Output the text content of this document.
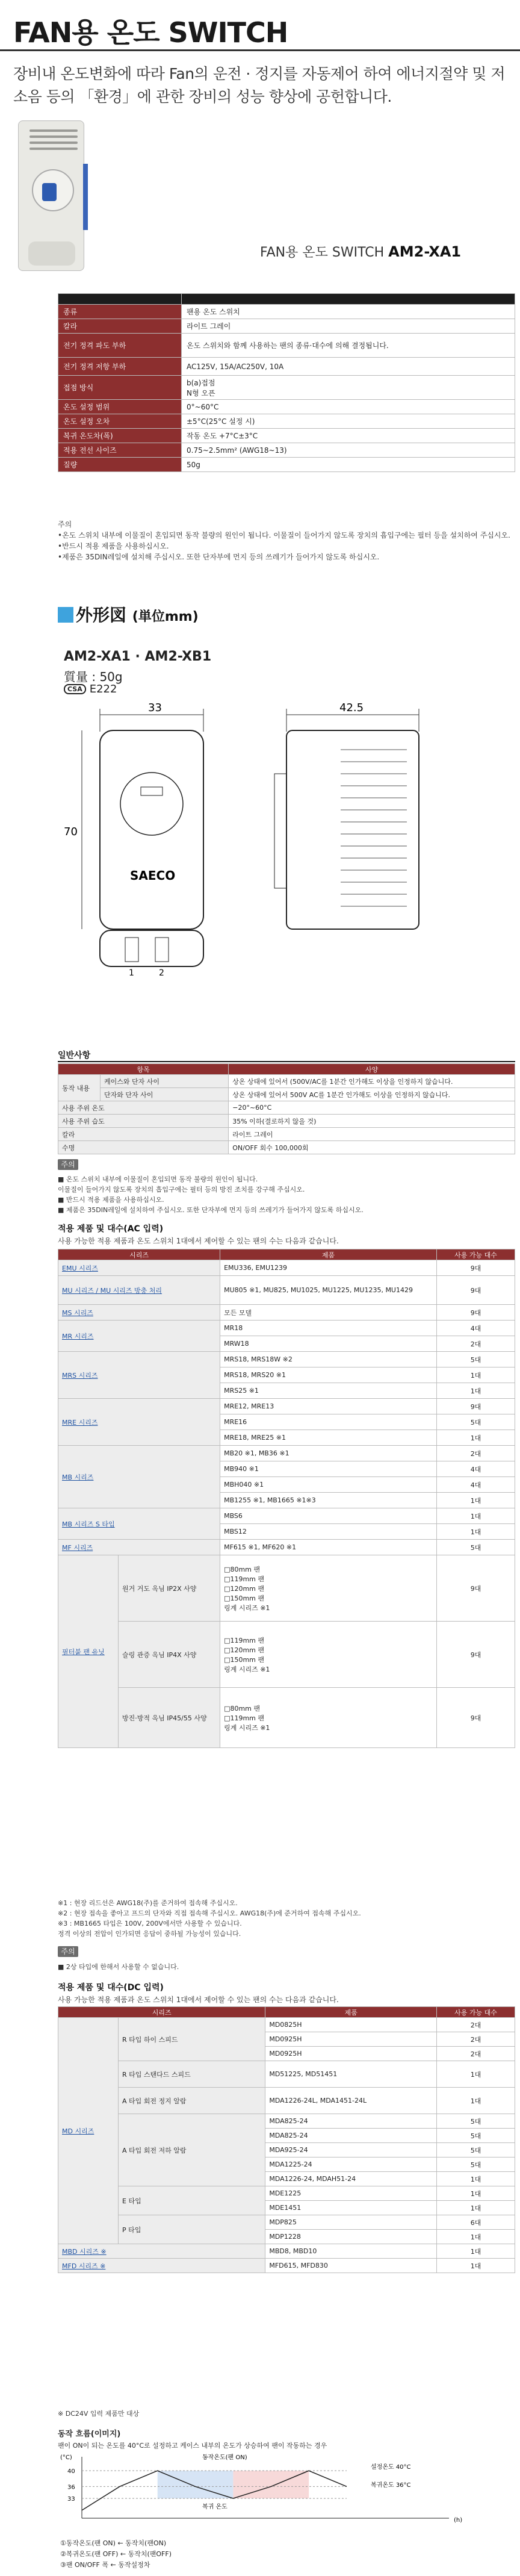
FAN용 온도 SWITCH
장비내 온도변화에 따라 Fan의 운전 · 정지를 자동제어 하여 에너지절약 및 저소음 등의 「환경」에 관한 장비의 성능 향상에 공헌합니다.
FAN용 온도 SWITCH AM2-XA1

종류	팬용 온도 스위치
칼라	라이트 그레이
전기 정격 파도 부하	온도 스위치와 함께 사용하는 팬의 종류·대수에 의해 결정됩니다.
전기 정격 저항 부하	AC125V, 15A/AC250V, 10A
접점 방식	b(a)접점
N형 오픈

온도 설정 범위	0°~60°C
온도 설정 오차	±5°C(25°C 설정 시)
복귀 온도차(폭)	작동 온도 +7°C±3°C
적용 전선 사이즈	0.75~2.5mm² (AWG18~13)
질량	50g
주의
•온도 스위치 내부에 이물질이 혼입되면 동작 불량의 원인이 됩니다. 이물질이 들어가지 않도록 장치의 흡입구에는 필터 등을 설치하여 주십시오.
•반드시 적용 제품을 사용하십시오.
•제품은 35DIN레일에 설치해 주십시오. 또한 단자부에 먼지 등의 쓰레기가 들어가지 않도록 하십시오.
外形図 (単位mm)
AM2-XA1 · AM2-XB1
質量 : 50g
CSA E222
33
SAECO
70
42.5
1	2
일반사항
항목		사양
동작 내용	케이스와 단자 사이	상온 상태에 있어서 (500V/AC를 1분간 인가해도 이상을 인정하지 않습니다.
	단자와 단자 사이	상온 상태에 있어서 500V AC를 1분간 인가해도 이상을 인정하지 않습니다.
사용 주위 온도		−20°~60°C
사용 주위 습도		35% 이하(결로하지 않을 것)
칼라		라이트 그레이
수명		ON/OFF 회수 100,000회
주의
■ 온도 스위치 내부에 이물질이 혼입되면 동작 불량의 원인이 됩니다.
이물질이 들어가지 않도록 장치의 흡입구에는 필터 등의 방진 조치를 강구해 주십시오.
■ 반드시 적용 제품을 사용하십시오.
■ 제품은 35DIN레일에 설치하여 주십시오. 또한 단자부에 먼지 등의 쓰레기가 들어가지 않도록 하십시오.
적용 제품 및 대수(AC 입력)
사용 가능한 적용 제품과 온도 스위치 1대에서 제어할 수 있는 팬의 수는 다음과 같습니다.
시리즈		제품	사용 가능 대수
EMU 시리즈		EMU336, EMU1239	9대
MU 시리즈 / MU 시리즈 방충 처리		MU805 ※1, MU825, MU1025, MU1225, MU1235, MU1429	9대
MS 시리즈		모든 모델	9대
MR 시리즈		MR18	4대
		MRW18	2대
MRS 시리즈		MRS18, MRS18W ※2	5대
		MRS18, MRS20 ※1	1대
		MRS25 ※1	1대
MRE 시리즈		MRE12, MRE13	9대
		MRE16	5대
		MRE18, MRE25 ※1	1대
MB 시리즈		MB20 ※1, MB36 ※1	2대
		MB940 ※1	4대
		MBH040 ※1	4대
		MB1255 ※1, MB1665 ※1※3	1대
MB 시리즈 S 타입		MBS6	1대
		MBS12	1대
MF 시리즈		MF615 ※1, MF620 ※1	5대
필터붙 팬 유닛	원거 거도 옥님 IP2X 사양	□80mm 팬
□119mm 팬
□120mm 팬
□150mm 팬
링계 시리즈 ※1	9대
	슬링 관증 옥님 IP4X 사양	□119mm 팬
□120mm 팬
□150mm 팬
링계 시리즈 ※1	9대
	방진·방적 옥님 IP45/55 사양	□80mm 팬
□119mm 팬
링계 시리즈 ※1	9대
※1 : 현장 리드선은 AWG18(주)를 준거하여 접속해 주십시오.
※2 : 현장 접속을 좋아고 프드의 단자와 직접 접속해 주십시오. AWG18(주)에 준거하여 접속해 주십시오.
※3 : MB1665 타입은 100V, 200V에서만 사용할 수 있습니다.
정격 이상의 전압이 인가되면 응답이 중하될 가능성이 있습니다.
주의
■ 2상 타입에 한해서 사용할 수 없습니다.
적용 제품 및 대수(DC 입력)
사용 가능한 적용 제품과 온도 스위치 1대에서 제어할 수 있는 팬의 수는 다음과 같습니다.
시리즈		제품	사용 가능 대수
MD 시리즈	R 타입 하이 스피드	MD0825H	2대
		MD0925H	2대
		MD0925H	2대
	R 타입 스탠다드 스피드	MD51225, MD51451	1대
	A 타입 회전 정지 알람	MDA1226-24L, MDA1451-24L	1대
	A 타입 회전 저하 알람	MDA825-24	5대
		MDA825-24	5대
		MDA925-24	5대
		MDA1225-24	5대
		MDA1226-24, MDAH51-24	1대
	E 타입	MDE1225	1대
		MDE1451	1대
	P 타입	MDP825	6대
		MDP1228	1대
MBD 시리즈 ※		MBD8, MBD10	1대
MFD 시리즈 ※		MFD615, MFD830	1대
※ DC24V 입력 제품만 대상
동작 흐름(이미지)
팬이 ON이 되는 온도를 40°C로 설정하고 케이스 내부의 온도가 상승하여 팬이 작동하는 경우
(°C)
(h)
40
36
33
동작온도(팬 ON)
복귀 온도
설정온도 40°C
복귀온도 36°C
①동작온도(팬 ON) ← 동작치(팬ON)
②복귀온도(팬 OFF) ← 동작치(팬OFF)
③팬 ON/OFF 폭 ← 동작설정차
